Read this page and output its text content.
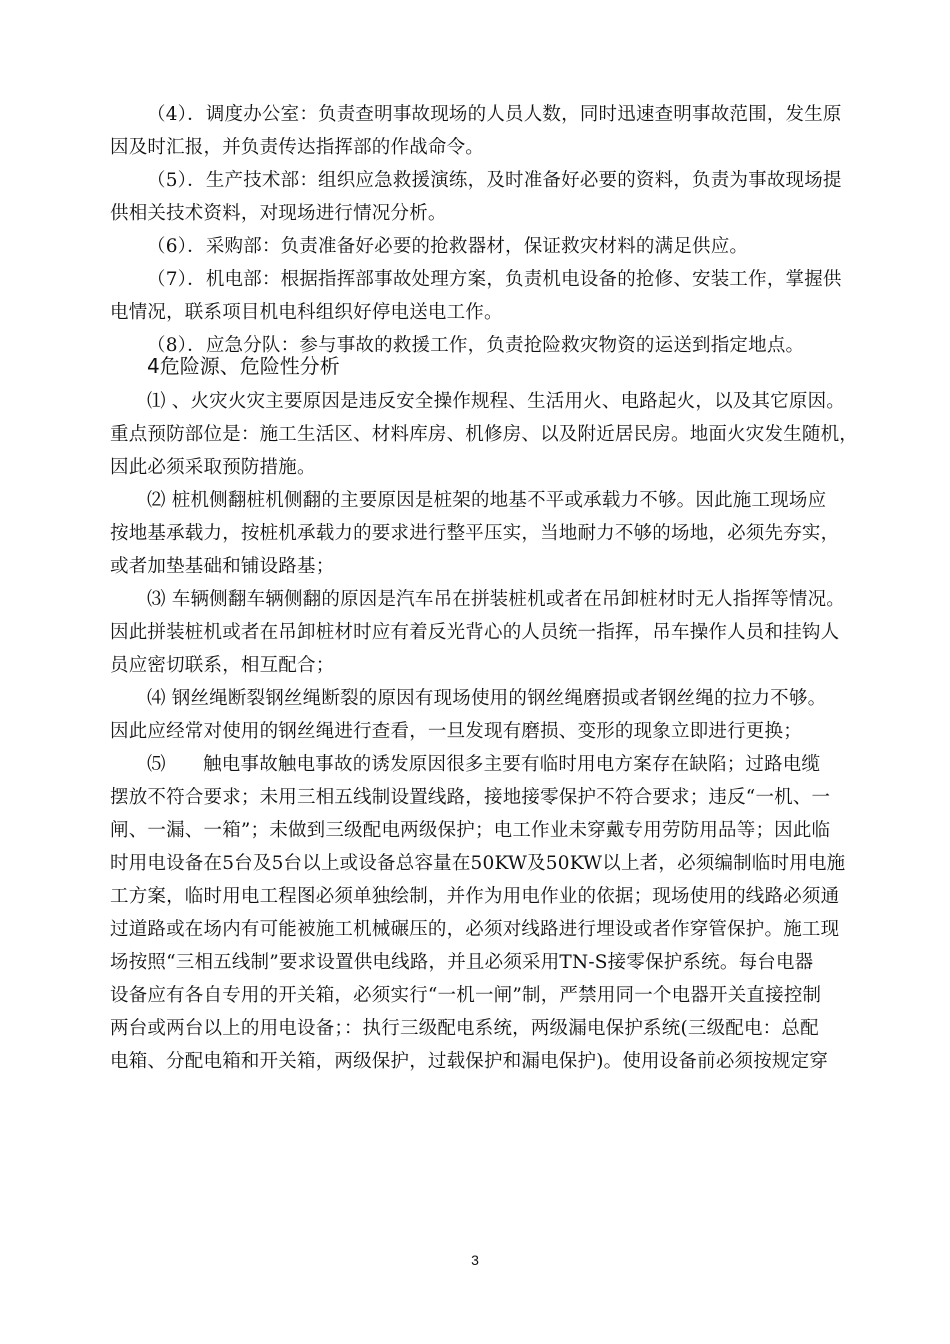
（4）．调度办公室：负责查明事故现场的人员人数，同时迅速查明事故范围，发生原
因及时汇报，并负责传达指挥部的作战命令。
（5）．生产技术部：组织应急救援演练，及时准备好必要的资料，负责为事故现场提
供相关技术资料，对现场进行情况分析。
（6）．采购部：负责准备好必要的抢救器材，保证救灾材料的满足供应。
（7）．机电部：根据指挥部事故处理方案，负责机电设备的抢修、安装工作，掌握供
电情况，联系项目机电科组织好停电送电工作。
（8）．应急分队：参与事故的救援工作，负责抢险救灾物资的运送到指定地点。
4危险源、危险性分析
⑴ 、火灾火灾主要原因是违反安全操作规程、生活用火、电路起火，以及其它原因。
重点预防部位是：施工生活区、材料库房、机修房、以及附近居民房。地面火灾发生随机，
因此必须采取预防措施。
⑵ 桩机侧翻桩机侧翻的主要原因是桩架的地基不平或承载力不够。因此施工现场应
按地基承载力，按桩机承载力的要求进行整平压实，当地耐力不够的场地，必须先夯实，
或者加垫基础和铺设路基；
⑶ 车辆侧翻车辆侧翻的原因是汽车吊在拼装桩机或者在吊卸桩材时无人指挥等情况。
因此拼装桩机或者在吊卸桩材时应有着反光背心的人员统一指挥，吊车操作人员和挂钩人
员应密切联系，相互配合；
⑷ 钢丝绳断裂钢丝绳断裂的原因有现场使用的钢丝绳磨损或者钢丝绳的拉力不够。
因此应经常对使用的钢丝绳进行查看，一旦发现有磨损、变形的现象立即进行更换；
⑸　　触电事故触电事故的诱发原因很多主要有临时用电方案存在缺陷；过路电缆
摆放不符合要求；未用三相五线制设置线路，接地接零保护不符合要求；违反“一机、一
闸、一漏、一箱”；未做到三级配电两级保护；电工作业未穿戴专用劳防用品等；因此临
时用电设备在5台及5台以上或设备总容量在50KW及50KW以上者，必须编制临时用电施
工方案，临时用电工程图必须单独绘制，并作为用电作业的依据；现场使用的线路必须通
过道路或在场内有可能被施工机械碾压的，必须对线路进行埋设或者作穿管保护。施工现
场按照“三相五线制”要求设置供电线路，并且必须采用TN-S接零保护系统。每台电器
设备应有各自专用的开关箱，必须实行“一机一闸”制，严禁用同一个电器开关直接控制
两台或两台以上的用电设备；：执行三级配电系统，两级漏电保护系统(三级配电：总配
电箱、分配电箱和开关箱，两级保护，过载保护和漏电保护)。使用设备前必须按规定穿
3
